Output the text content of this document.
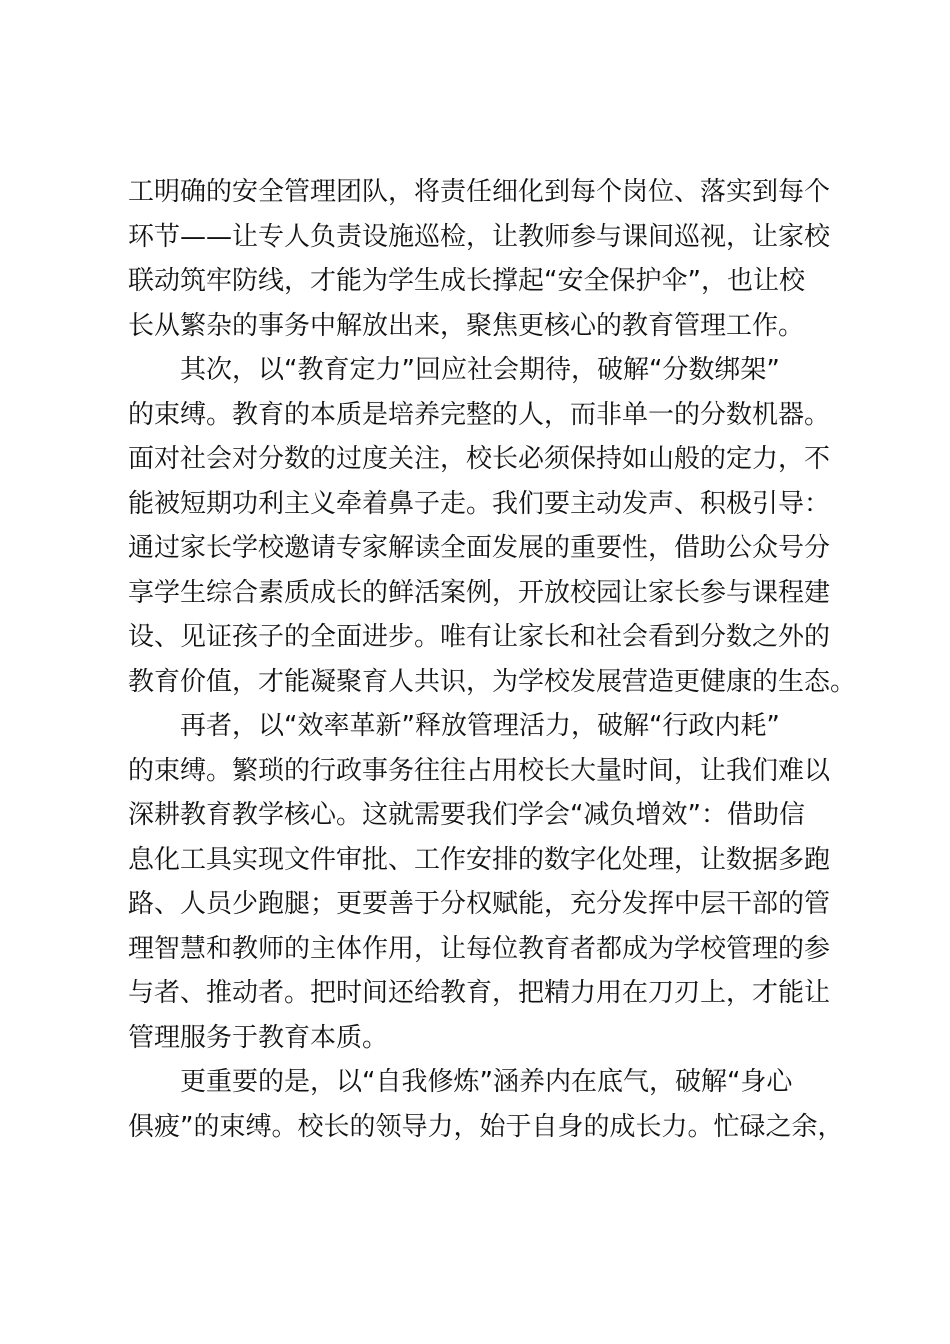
工明确的安全管理团队，将责任细化到每个岗位、落实到每个

环节——让专人负责设施巡检，让教师参与课间巡视，让家校

联动筑牢防线，才能为学生成长撑起“安全保护伞”，也让校

长从繁杂的事务中解放出来，聚焦更核心的教育管理工作。

其次，以“教育定力”回应社会期待，破解“分数绑架”

的束缚。教育的本质是培养完整的人，而非单一的分数机器。

面对社会对分数的过度关注，校长必须保持如山般的定力，不

能被短期功利主义牵着鼻子走。我们要主动发声、积极引导：

通过家长学校邀请专家解读全面发展的重要性，借助公众号分

享学生综合素质成长的鲜活案例，开放校园让家长参与课程建

设、见证孩子的全面进步。唯有让家长和社会看到分数之外的

教育价值，才能凝聚育人共识，为学校发展营造更健康的生态。

再者，以“效率革新”释放管理活力，破解“行政内耗”

的束缚。繁琐的行政事务往往占用校长大量时间，让我们难以

深耕教育教学核心。这就需要我们学会“减负增效”：借助信

息化工具实现文件审批、工作安排的数字化处理，让数据多跑

路、人员少跑腿；更要善于分权赋能，充分发挥中层干部的管

理智慧和教师的主体作用，让每位教育者都成为学校管理的参

与者、推动者。把时间还给教育，把精力用在刀刃上，才能让

管理服务于教育本质。

更重要的是，以“自我修炼”涵养内在底气，破解“身心

俱疲”的束缚。校长的领导力，始于自身的成长力。忙碌之余，
